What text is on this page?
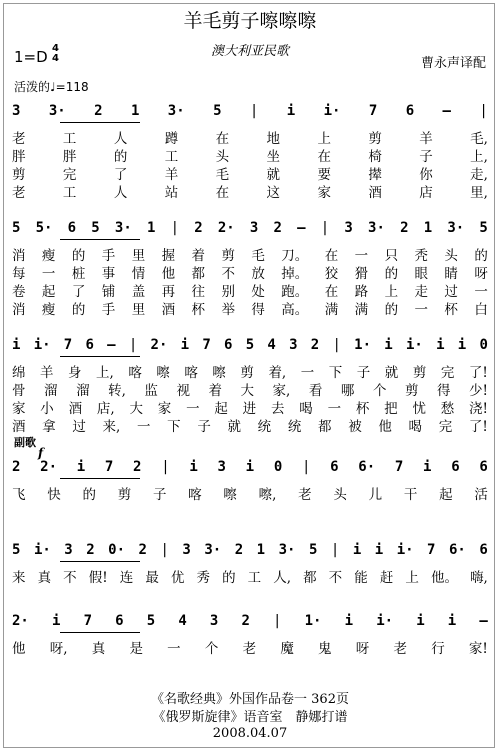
羊毛剪子嚓嚓嚓
澳大利亚民歌
1=D 4
4
活泼的♩=118
曹永声译配
3 3· 2 1 3· 5 | i i· 7 6 – |
老	工	人	蹲	在	地	上	剪	羊	毛,
胖	胖	的	工	头	坐	在	椅	子	上,
剪	完	了	羊	毛	就	要	撵	你	走,
老	工	人	站	在	这	家	酒	店	里,
5 5· 6 5 3· 1 | 2 2· 3 2 – | 3 3· 2 1 3· 5
消 瘦 的 手 里 握 着 剪 毛 刀。 在 一 只 秃 头 的
每 一 桩 事 情 他 都 不 放 掉。 狡 猾 的 眼 睛 呀
卷 起 了 铺 盖 再 往 别 处 跑。 在 路 上 走 过 一
消 瘦 的 手 里 酒 杯 举 得 高。 满 满 的 一 杯 白
i i· 7 6 – | 2· i 7 6 5 4 3 2 | 1· i i· i i 0
绵 羊 身 上, 喀 嚓 喀 嚓 剪 着, 一 下 子 就 剪 完 了!
骨 溜 溜 转, 监 视 着 大 家, 看 哪 个 剪 得 少!
家 小 酒 店, 大 家 一 起 进 去 喝 一 杯 把 忧 愁 浇!
酒 拿 过 来, 一 下 子 就 统 统 都 被 他 喝 完 了!
副歌
f
2 2· i 7 2 | i 3 i 0 | 6 6· 7 i 6 6
飞 快 的 剪 子 喀 嚓 嚓, 老 头 儿 干 起 活
5 i· 3 2 0· 2 | 3 3· 2 1 3· 5 | i i i· 7 6· 6
来 真 不 假! 连 最 优 秀 的 工 人, 都 不 能 赶 上 他。 嗨,
2· i 7 6 5 4 3 2 | 1· i i· i i –
他 呀, 真 是 一 个 老 魔 鬼 呀 老 行 家!
《名歌经典》外国作品卷一 362页
《俄罗斯旋律》语音室　静娜打谱
2008.04.07
